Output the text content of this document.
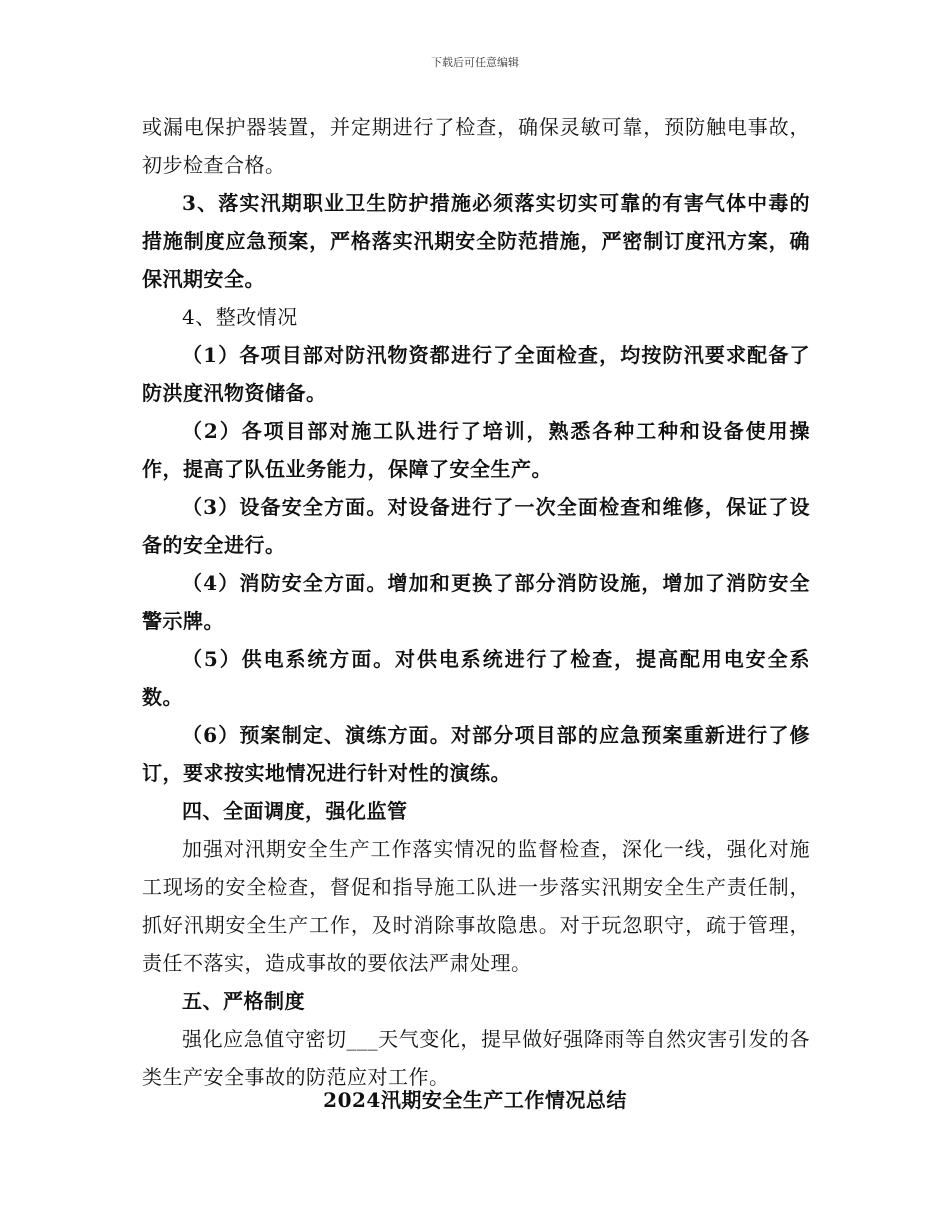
下载后可任意编辑

或漏电保护器装置，并定期进行了检查，确保灵敏可靠，预防触电事故，初步检查合格。

3、落实汛期职业卫生防护措施必须落实切实可靠的有害气体中毒的措施制度应急预案，严格落实汛期安全防范措施，严密制订度汛方案，确保汛期安全。

4、整改情况

（1）各项目部对防汛物资都进行了全面检查，均按防汛要求配备了防洪度汛物资储备。

（2）各项目部对施工队进行了培训，熟悉各种工种和设备使用操作，提高了队伍业务能力，保障了安全生产。

（3）设备安全方面。对设备进行了一次全面检查和维修，保证了设备的安全进行。

（4）消防安全方面。增加和更换了部分消防设施，增加了消防安全警示牌。

（5）供电系统方面。对供电系统进行了检查，提高配用电安全系数。

（6）预案制定、演练方面。对部分项目部的应急预案重新进行了修订，要求按实地情况进行针对性的演练。

四、全面调度，强化监管

加强对汛期安全生产工作落实情况的监督检查，深化一线，强化对施工现场的安全检查，督促和指导施工队进一步落实汛期安全生产责任制，抓好汛期安全生产工作，及时消除事故隐患。对于玩忽职守，疏于管理，责任不落实，造成事故的要依法严肃处理。

五、严格制度

强化应急值守密切___天气变化，提早做好强降雨等自然灾害引发的各类生产安全事故的防范应对工作。

2024汛期安全生产工作情况总结
